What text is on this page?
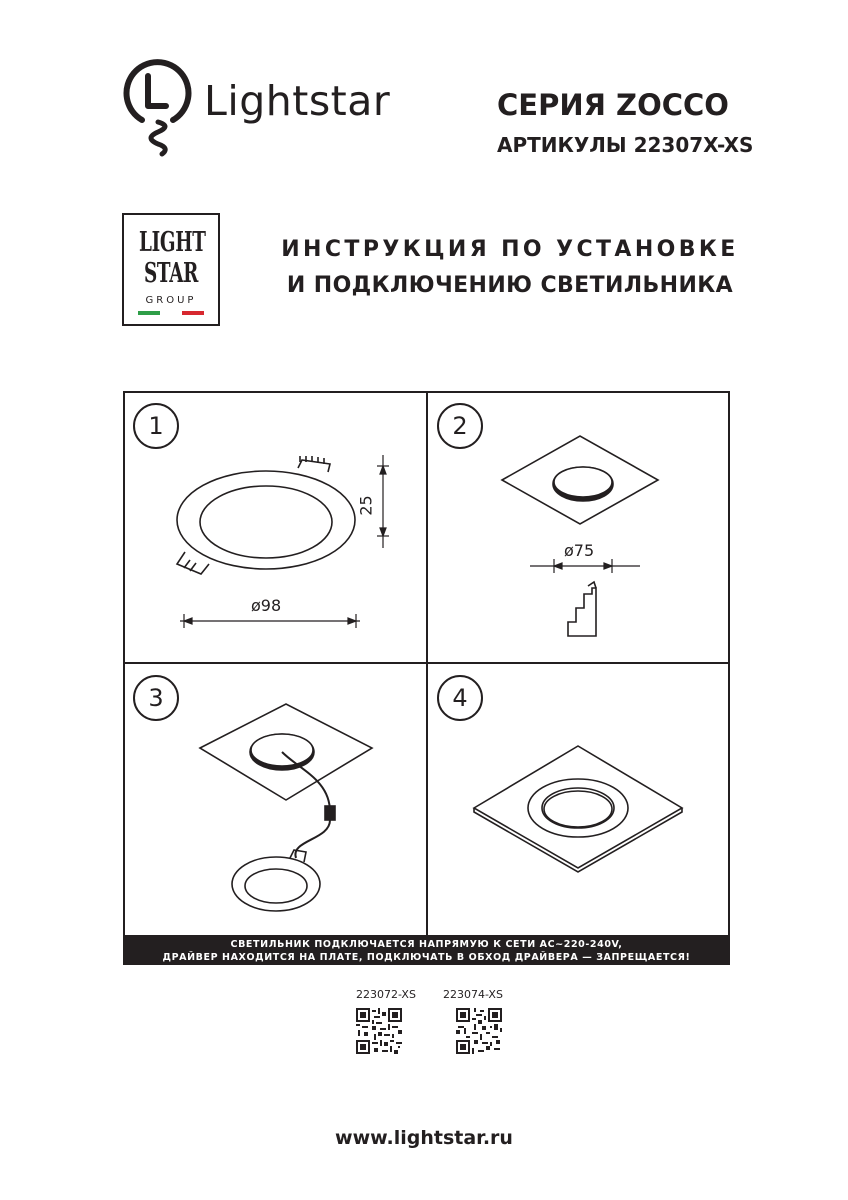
Lightstar	СЕРИЯ ZOCCO
АРТИКУЛЫ 22307X-XS
LIGHT
STAR
GROUP
ИНСТРУКЦИЯ ПО УСТАНОВКЕ
И ПОДКЛЮЧЕНИЮ СВЕТИЛЬНИКА
1	2
3	4
ø98
25
ø75
СВЕТИЛЬНИК ПОДКЛЮЧАЕТСЯ НАПРЯМУЮ К СЕТИ AC~220-240V,
ДРАЙВЕР НАХОДИТСЯ НА ПЛАТЕ, ПОДКЛЮЧАТЬ В ОБХОД ДРАЙВЕРА — ЗАПРЕЩАЕТСЯ!
223072-XS 223074-XS
www.lightstar.ru
